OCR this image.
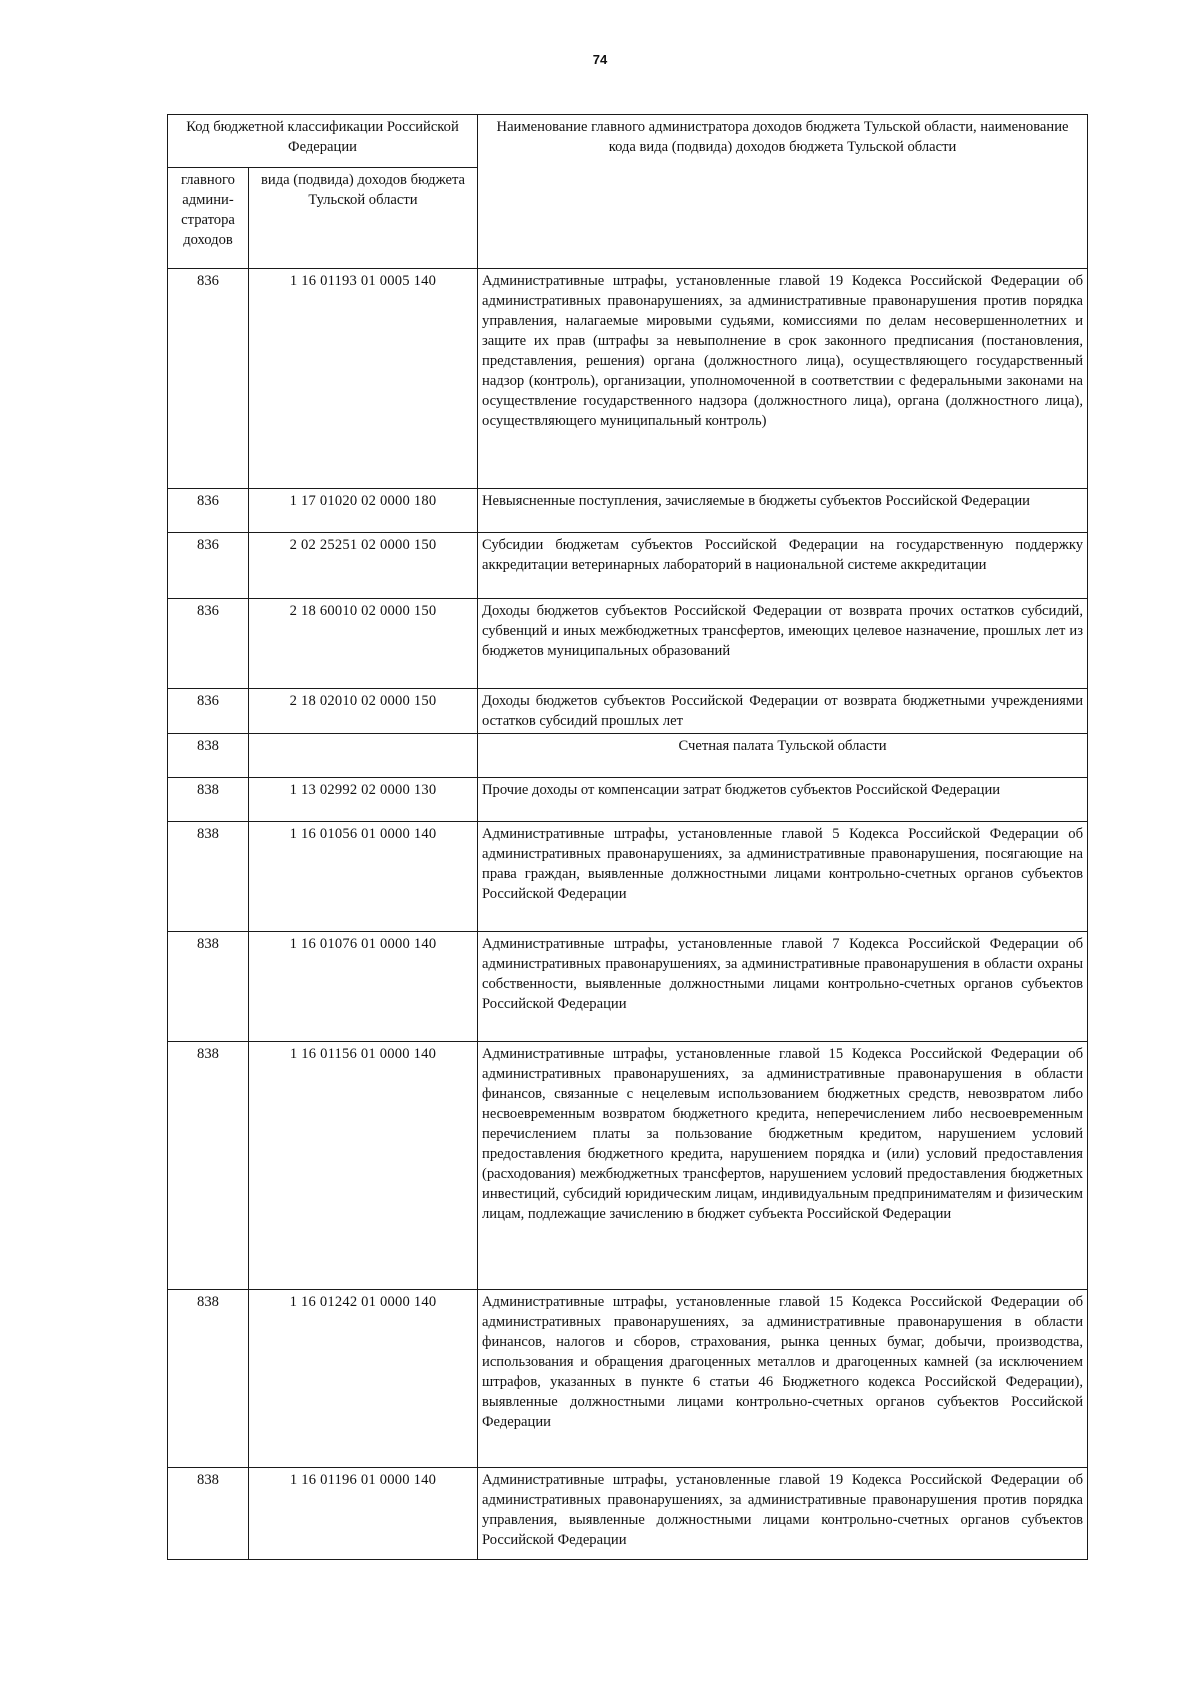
74
Код бюджетной классификации Российской Федерации		Наименование главного администратора доходов бюджета Тульской области, наименование кода вида (подвида) доходов бюджета Тульской области
главного админи- стратора доходов	вида (подвида) доходов бюджета Тульской области	
836	1 16 01193 01 0005 140	Административные штрафы, установленные главой 19 Кодекса Российской Федерации об административных правонарушениях, за административные правонарушения против порядка управления, налагаемые мировыми судьями, комиссиями по делам несовершеннолетних и защите их прав (штрафы за невыполнение в срок законного предписания (постановления, представления, решения) органа (должностного лица), осуществляющего государственный надзор (контроль), организации, уполномоченной в соответствии с федеральными законами на осуществление государственного надзора (должностного лица), органа (должностного лица), осуществляющего муниципальный контроль)
836	1 17 01020 02 0000 180	Невыясненные поступления, зачисляемые в бюджеты субъектов Российской Федерации
836	2 02 25251 02 0000 150	Субсидии бюджетам субъектов Российской Федерации на государственную поддержку аккредитации ветеринарных лабораторий в национальной системе аккредитации
836	2 18 60010 02 0000 150	Доходы бюджетов субъектов Российской Федерации от возврата прочих остатков субсидий, субвенций и иных межбюджетных трансфертов, имеющих целевое назначение, прошлых лет из бюджетов муниципальных образований
836	2 18 02010 02 0000 150	Доходы бюджетов субъектов Российской Федерации от возврата бюджетными учреждениями остатков субсидий прошлых лет
838		Счетная палата Тульской области
838	1 13 02992 02 0000 130	Прочие доходы от компенсации затрат бюджетов субъектов Российской Федерации
838	1 16 01056 01 0000 140	Административные штрафы, установленные главой 5 Кодекса Российской Федерации об административных правонарушениях, за административные правонарушения, посягающие на права граждан, выявленные должностными лицами контрольно-счетных органов субъектов Российской Федерации
838	1 16 01076 01 0000 140	Административные штрафы, установленные главой 7 Кодекса Российской Федерации об административных правонарушениях, за административные правонарушения в области охраны собственности, выявленные должностными лицами контрольно-счетных органов субъектов Российской Федерации
838	1 16 01156 01 0000 140	Административные штрафы, установленные главой 15 Кодекса Российской Федерации об административных правонарушениях, за административные правонарушения в области финансов, связанные с нецелевым использованием бюджетных средств, невозвратом либо несвоевременным возвратом бюджетного кредита, неперечислением либо несвоевременным перечислением платы за пользование бюджетным кредитом, нарушением условий предоставления бюджетного кредита, нарушением порядка и (или) условий предоставления (расходования) межбюджетных трансфертов, нарушением условий предоставления бюджетных инвестиций, субсидий юридическим лицам, индивидуальным предпринимателям и физическим лицам, подлежащие зачислению в бюджет субъекта Российской Федерации
838	1 16 01242 01 0000 140	Административные штрафы, установленные главой 15 Кодекса Российской Федерации об административных правонарушениях, за административные правонарушения в области финансов, налогов и сборов, страхования, рынка ценных бумаг, добычи, производства, использования и обращения драгоценных металлов и драгоценных камней (за исключением штрафов, указанных в пункте 6 статьи 46 Бюджетного кодекса Российской Федерации), выявленные должностными лицами контрольно-счетных органов субъектов Российской Федерации
838	1 16 01196 01 0000 140	Административные штрафы, установленные главой 19 Кодекса Российской Федерации об административных правонарушениях, за административные правонарушения против порядка управления, выявленные должностными лицами контрольно-счетных органов субъектов Российской Федерации
